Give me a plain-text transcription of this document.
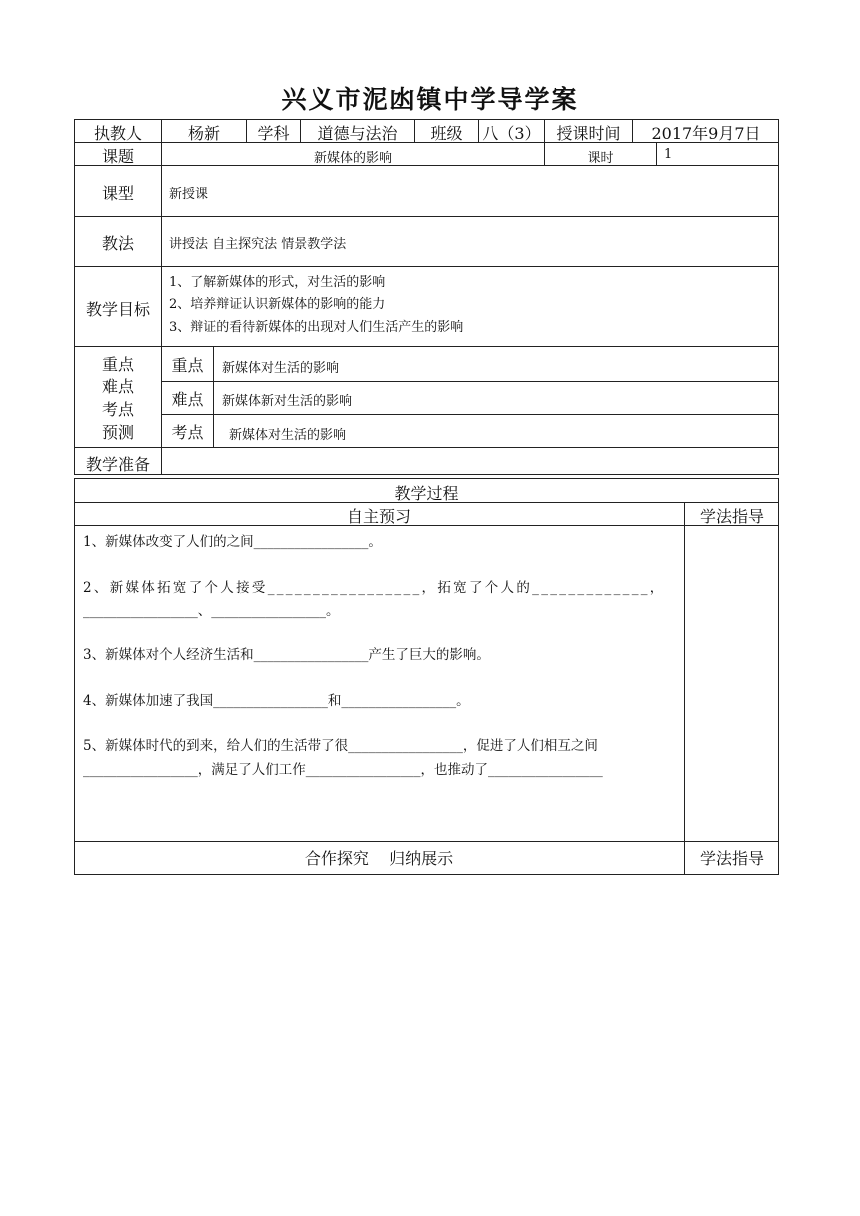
兴义市泥凼镇中学导学案
执教人	杨新	学科	道德与法治	班级	八（3） 授课时间	2017年9月7日
课题	新媒体的影响	课时	1
课型	新授课
教法	讲授法 自主探究法 情景教学法
教学目标
1、了解新媒体的形式，对生活的影响
2、培养辩证认识新媒体的影响的能力
3、辩证的看待新媒体的出现对人们生活产生的影响
重点
难点
考点
预测
重点	新媒体对生活的影响
难点	新媒体新对生活的影响
考点	新媒体对生活的影响
教学准备
教学过程
自主预习	学法指导
1、新媒体改变了人们的之间_________________。
2、新媒体拓宽了个人接受_________________，拓宽了个人的_____________，
_________________、_________________。
3、新媒体对个人经济生活和_________________产生了巨大的影响。
4、新媒体加速了我国_________________和_________________。
5、新媒体时代的到来，给人们的生活带了很_________________，促进了人们相互之间
_________________，满足了人们工作_________________，也推动了_________________
合作探究    归纳展示	学法指导
